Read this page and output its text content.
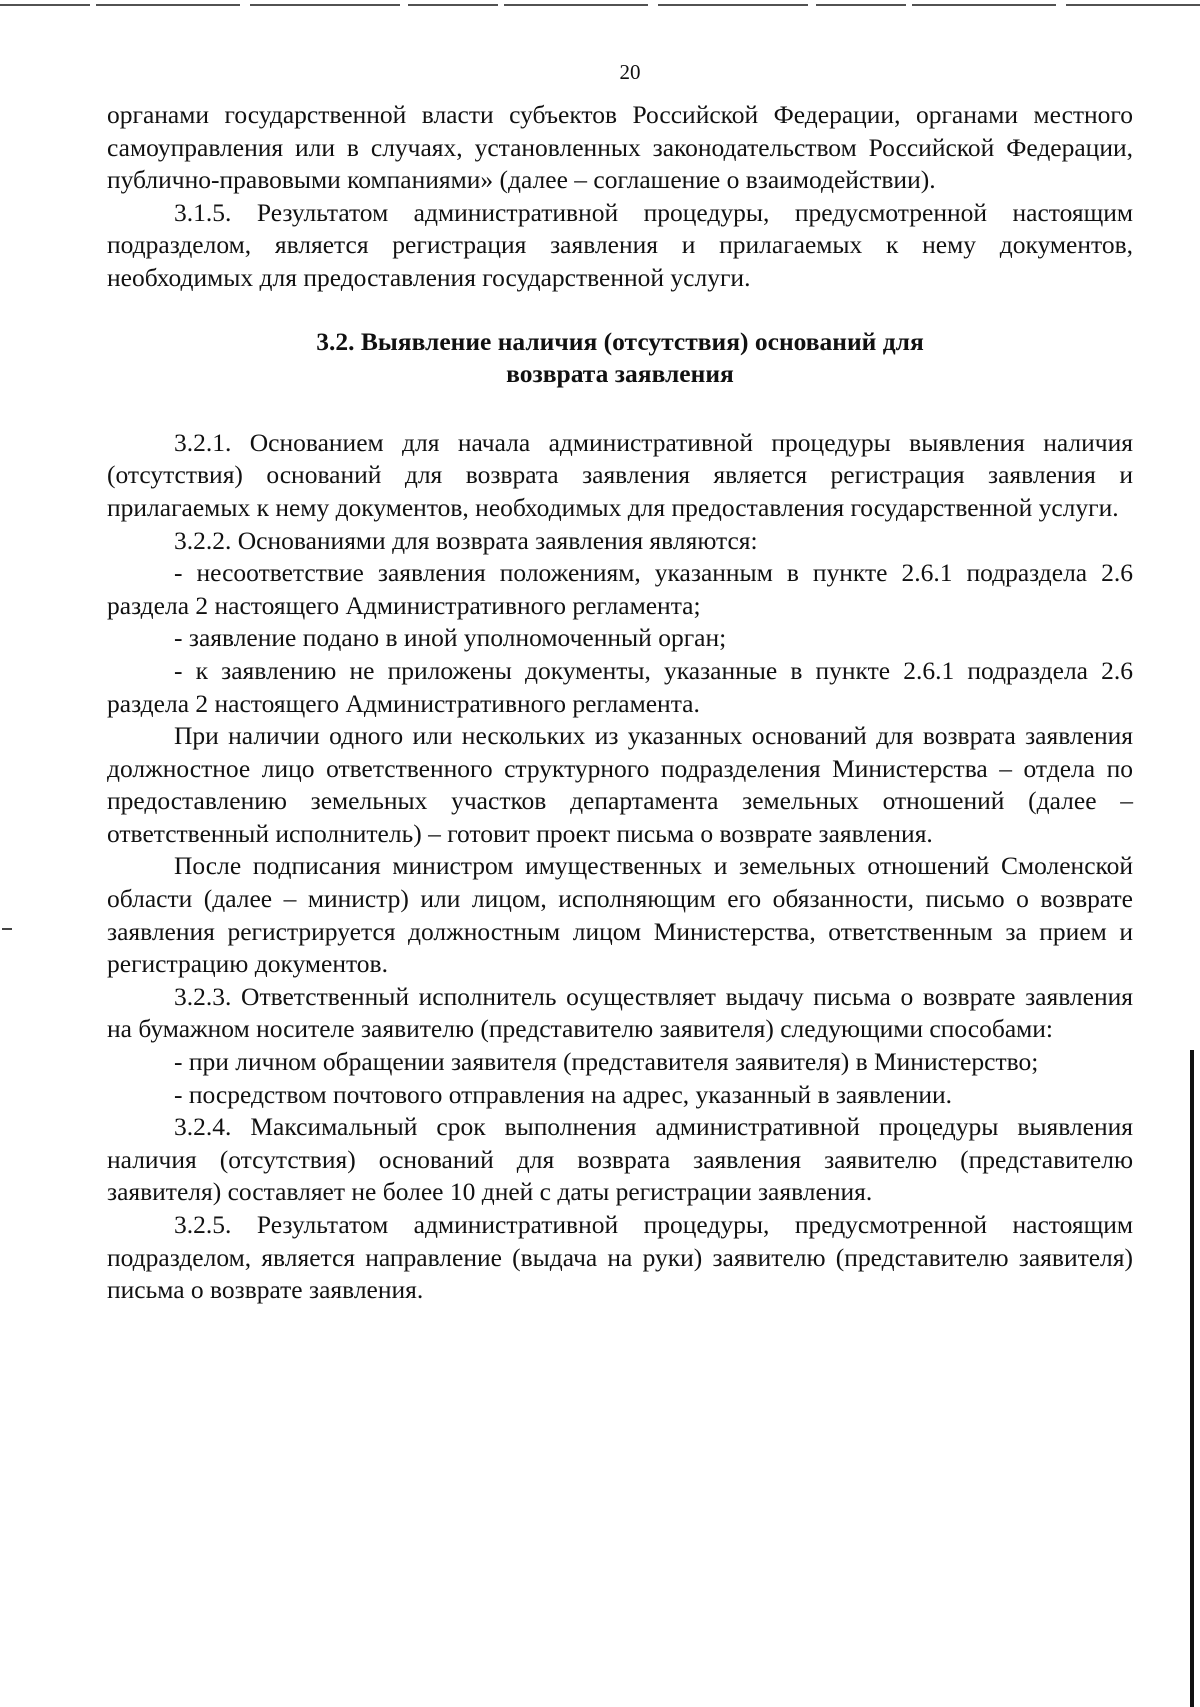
20

органами государственной власти субъектов Российской Федерации, органами местного самоуправления или в случаях, установленных законодательством Российской Федерации, публично-правовыми компаниями» (далее – соглашение о взаимодействии).

3.1.5. Результатом административной процедуры, предусмотренной настоящим подразделом, является регистрация заявления и прилагаемых к нему документов, необходимых для предоставления государственной услуги.

3.2. Выявление наличия (отсутствия) оснований для
возврата заявления

3.2.1. Основанием для начала административной процедуры выявления наличия (отсутствия) оснований для возврата заявления является регистрация заявления и прилагаемых к нему документов, необходимых для предоставления государственной услуги.

3.2.2. Основаниями для возврата заявления являются:

- несоответствие заявления положениям, указанным в пункте 2.6.1 подраздела 2.6 раздела 2 настоящего Административного регламента;

- заявление подано в иной уполномоченный орган;

- к заявлению не приложены документы, указанные в пункте 2.6.1 подраздела 2.6 раздела 2 настоящего Административного регламента.

При наличии одного или нескольких из указанных оснований для возврата заявления должностное лицо ответственного структурного подразделения Министерства – отдела по предоставлению земельных участков департамента земельных отношений (далее – ответственный исполнитель) – готовит проект письма о возврате заявления.

После подписания министром имущественных и земельных отношений Смоленской области (далее – министр) или лицом, исполняющим его обязанности, письмо о возврате заявления регистрируется должностным лицом Министерства, ответственным за прием и регистрацию документов.

3.2.3. Ответственный исполнитель осуществляет выдачу письма о возврате заявления на бумажном носителе заявителю (представителю заявителя) следующими способами:

- при личном обращении заявителя (представителя заявителя) в Министерство;

- посредством почтового отправления на адрес, указанный в заявлении.

3.2.4. Максимальный срок выполнения административной процедуры выявления наличия (отсутствия) оснований для возврата заявления заявителю (представителю заявителя) составляет не более 10 дней с даты регистрации заявления.

3.2.5. Результатом административной процедуры, предусмотренной настоящим подразделом, является направление (выдача на руки) заявителю (представителю заявителя) письма о возврате заявления.
